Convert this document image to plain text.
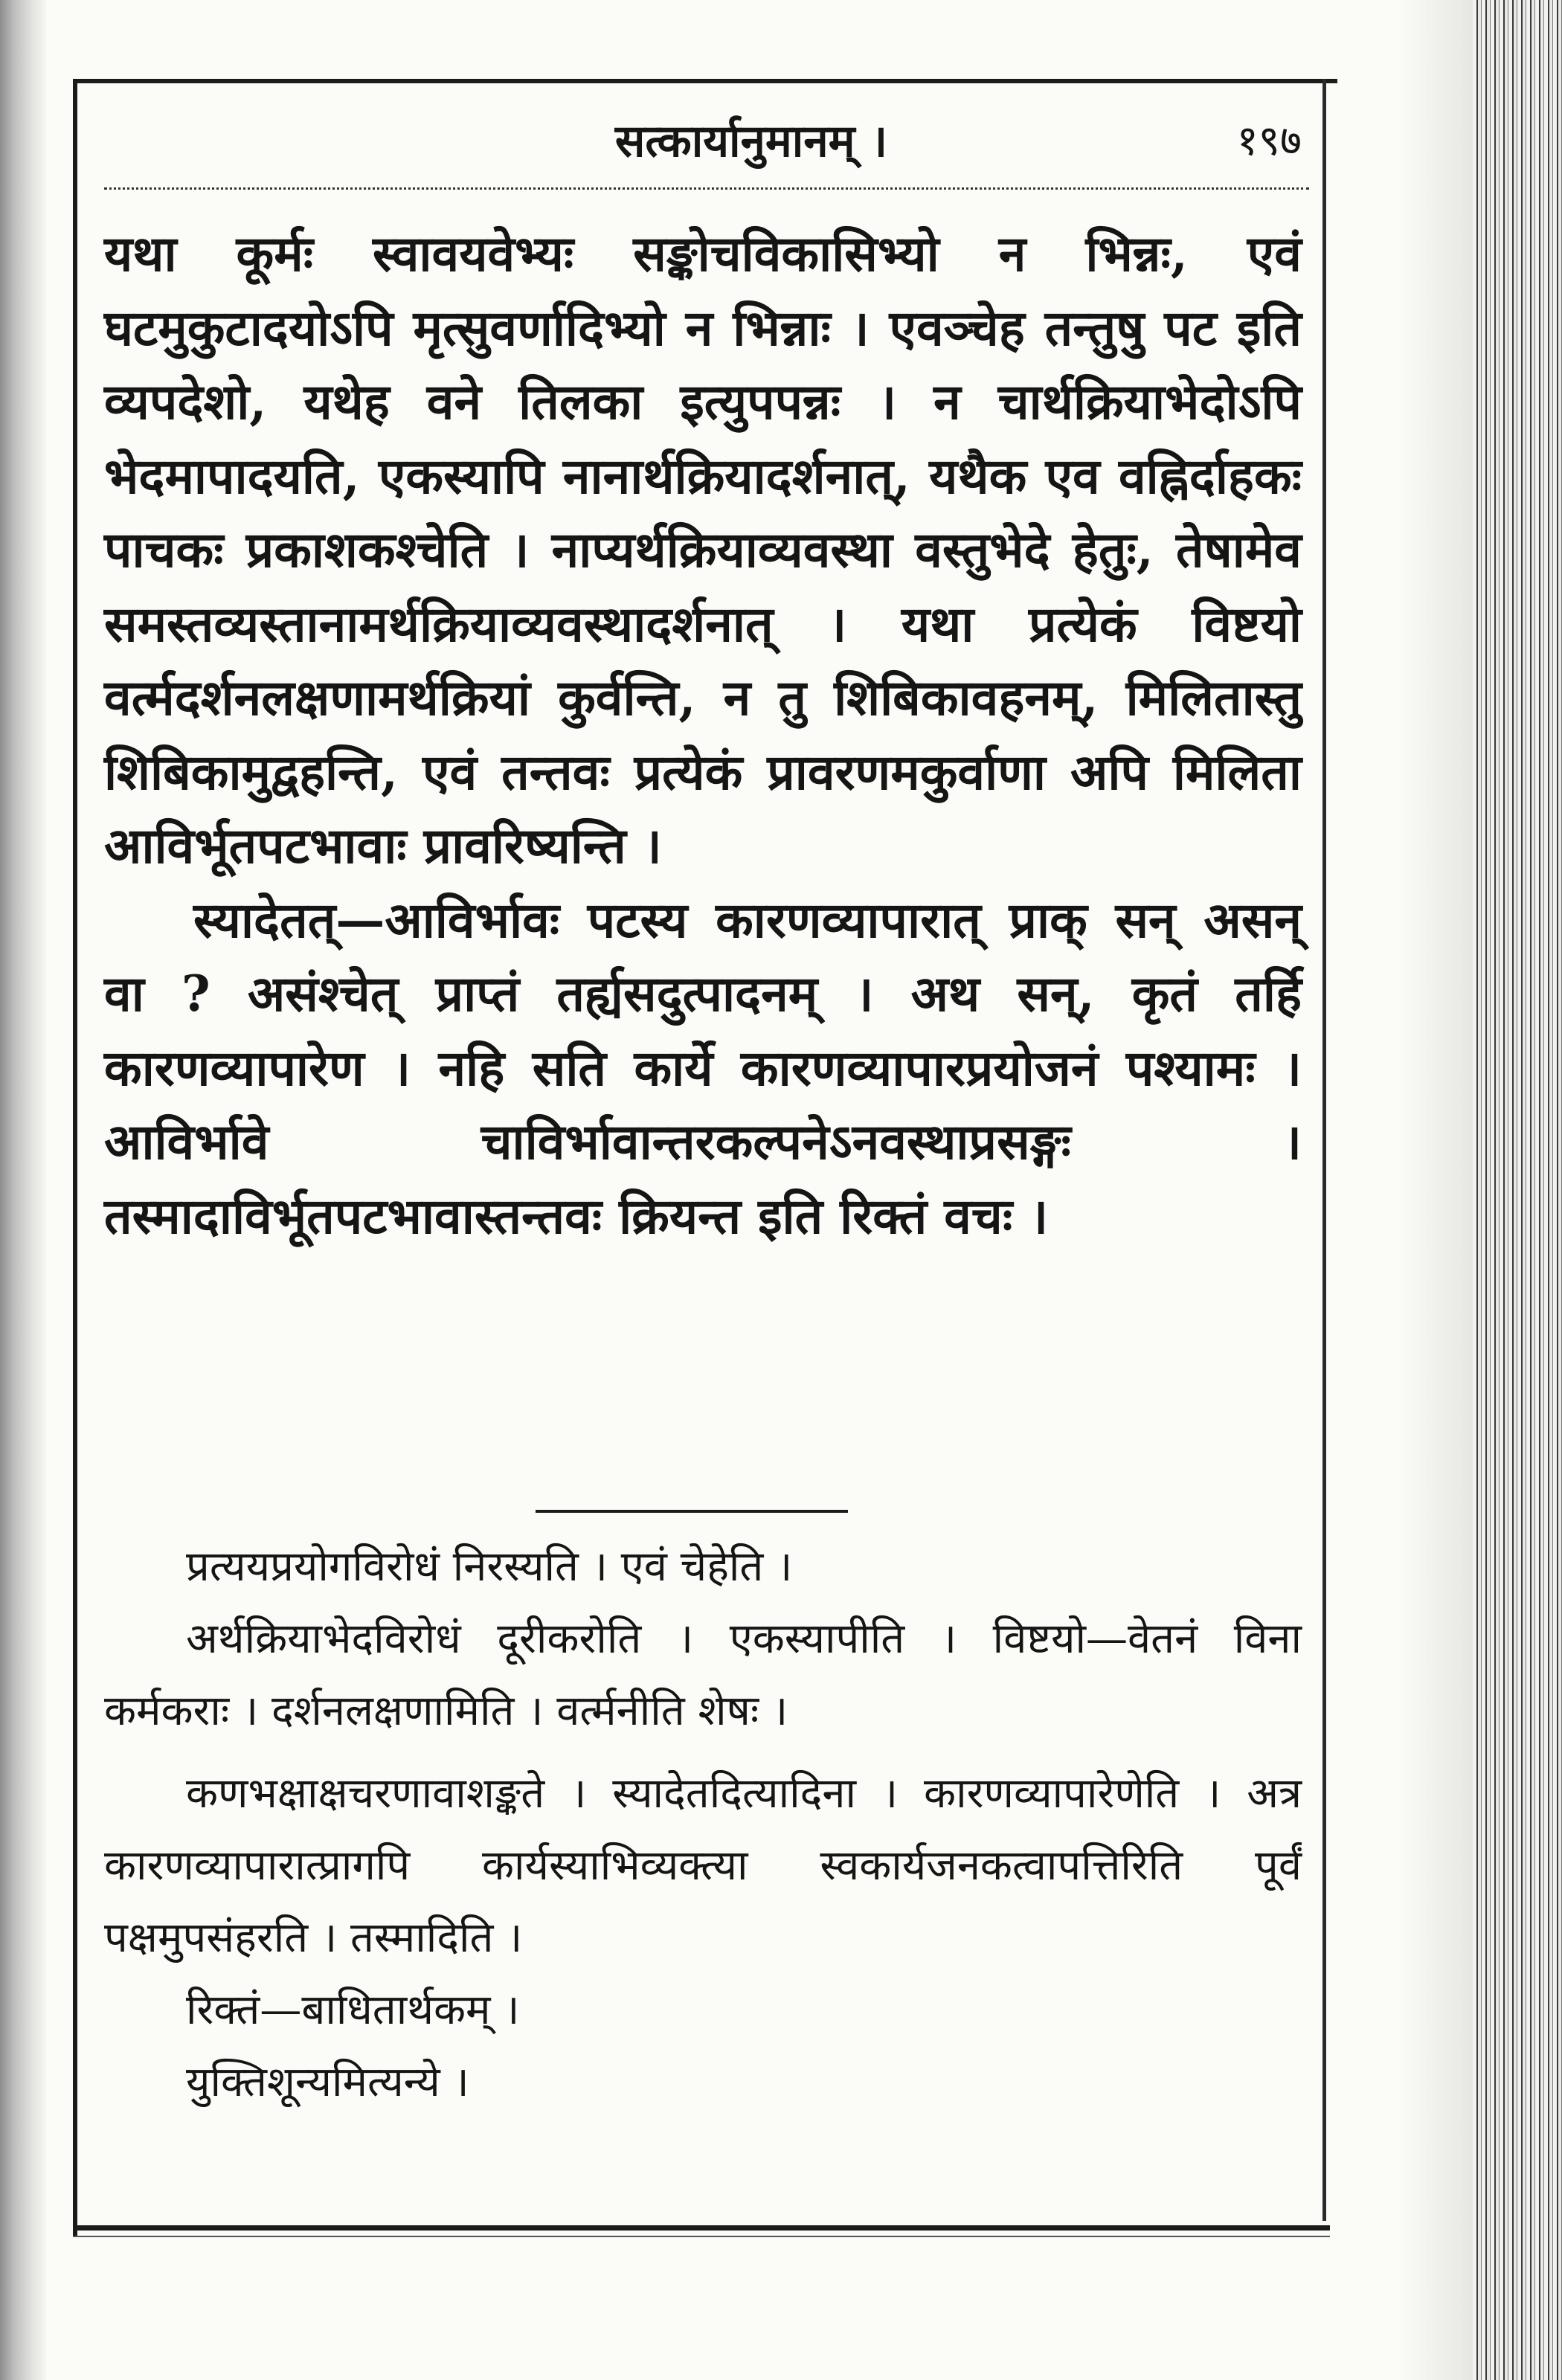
सत्कार्यानुमानम् ।	१९७

यथा कूर्मः स्वावयवेभ्यः सङ्कोचविकासिभ्यो न भिन्नः, एवं घटमुकुटादयोऽपि मृत्सुवर्णादिभ्यो न भिन्नाः । एवञ्चेह तन्तुषु पट इति व्यपदेशो, यथेह वने तिलका इत्युपपन्नः । न चार्थक्रियाभेदोऽपि भेदमापादयति, एकस्यापि नानार्थक्रियादर्शनात्, यथैक एव वह्निर्दाहकः पाचकः प्रकाशकश्चेति । नाप्यर्थक्रियाव्यवस्था वस्तुभेदे हेतुः, तेषामेव समस्तव्यस्तानामर्थक्रियाव्यवस्थादर्शनात् । यथा प्रत्येकं विष्टयो वर्त्मदर्शनलक्षणामर्थक्रियां कुर्वन्ति, न तु शिबिकावहनम्, मिलितास्तु शिबिकामुद्वहन्ति, एवं तन्तवः प्रत्येकं प्रावरणमकुर्वाणा अपि मिलिता आविर्भूतपटभावाः प्रावरिष्यन्ति ।

स्यादेतत्—आविर्भावः पटस्य कारणव्यापारात् प्राक् सन् असन् वा ? असंश्चेत् प्राप्तं तर्ह्यसदुत्पादनम् । अथ सन्, कृतं तर्हि कारणव्यापारेण । नहि सति कार्ये कारणव्यापारप्रयोजनं पश्यामः । आविर्भावे चाविर्भावान्तरकल्पनेऽनवस्थाप्रसङ्गः । तस्मादाविर्भूतपटभावास्तन्तवः क्रियन्त इति रिक्तं वचः ।

प्रत्ययप्रयोगविरोधं निरस्यति । एवं चेहेति ।

अर्थक्रियाभेदविरोधं दूरीकरोति । एकस्यापीति । विष्टयो—वेतनं विना कर्मकराः । दर्शनलक्षणामिति । वर्त्मनीति शेषः ।

कणभक्षाक्षचरणावाशङ्कते । स्यादेतदित्यादिना । कारणव्यापारेणेति । अत्र कारणव्यापारात्प्रागपि कार्यस्याभिव्यक्त्या स्वकार्यजनकत्वापत्तिरिति पूर्वं पक्षमुपसंहरति । तस्मादिति ।

रिक्तं—बाधितार्थकम् ।

युक्तिशून्यमित्यन्ये ।
